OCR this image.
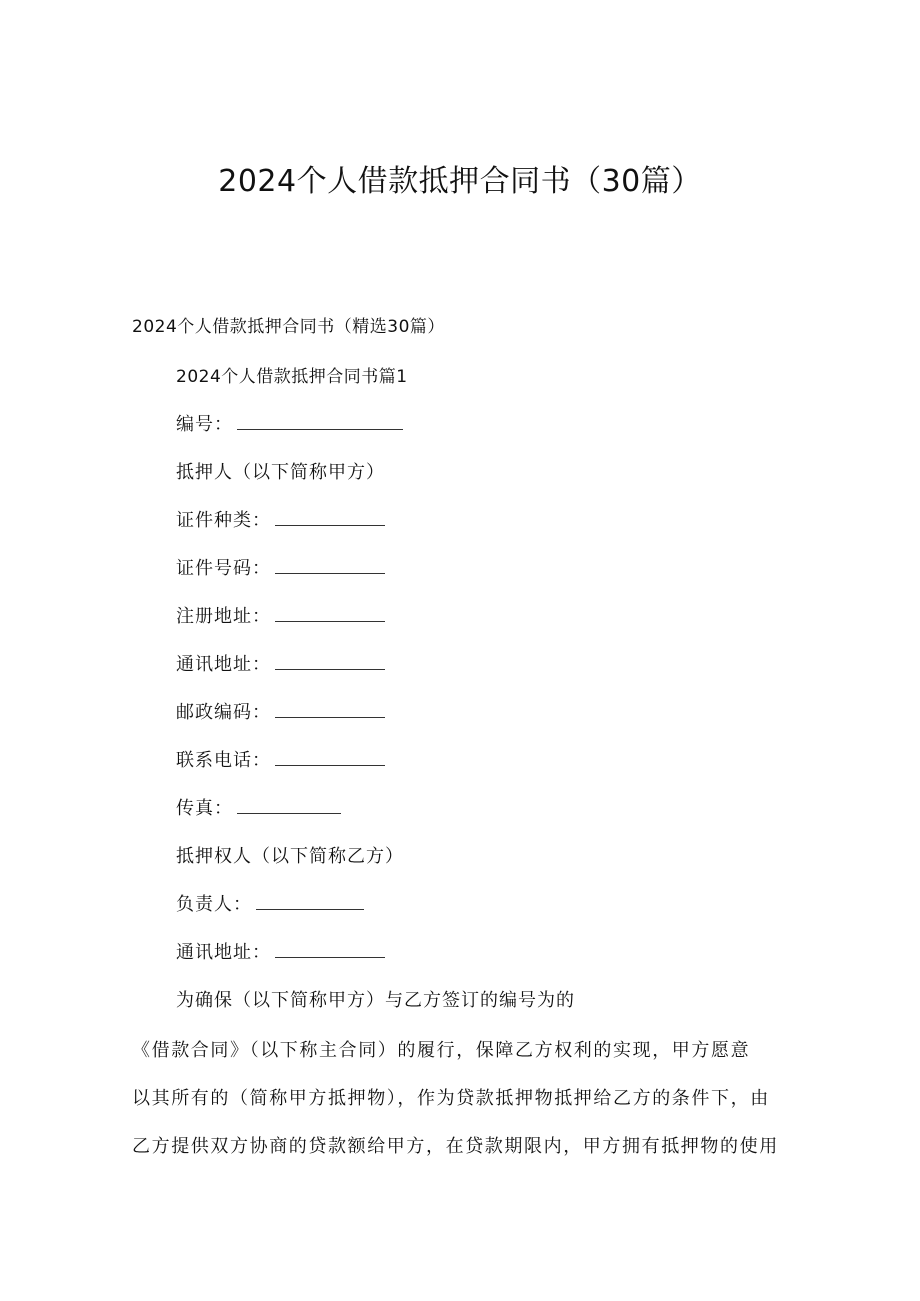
2024个人借款抵押合同书（30篇）
2024个人借款抵押合同书（精选30篇）
2024个人借款抵押合同书篇1
编号：
抵押人（以下简称甲方）
证件种类：
证件号码：
注册地址：
通讯地址：
邮政编码：
联系电话：
传真：
抵押权人（以下简称乙方）
负责人：
通讯地址：
为确保（以下简称甲方）与乙方签订的编号为的
《借款合同》（以下称主合同）的履行，保障乙方权利的实现，甲方愿意
以其所有的（简称甲方抵押物），作为贷款抵押物抵押给乙方的条件下，由
乙方提供双方协商的贷款额给甲方，在贷款期限内，甲方拥有抵押物的使用
